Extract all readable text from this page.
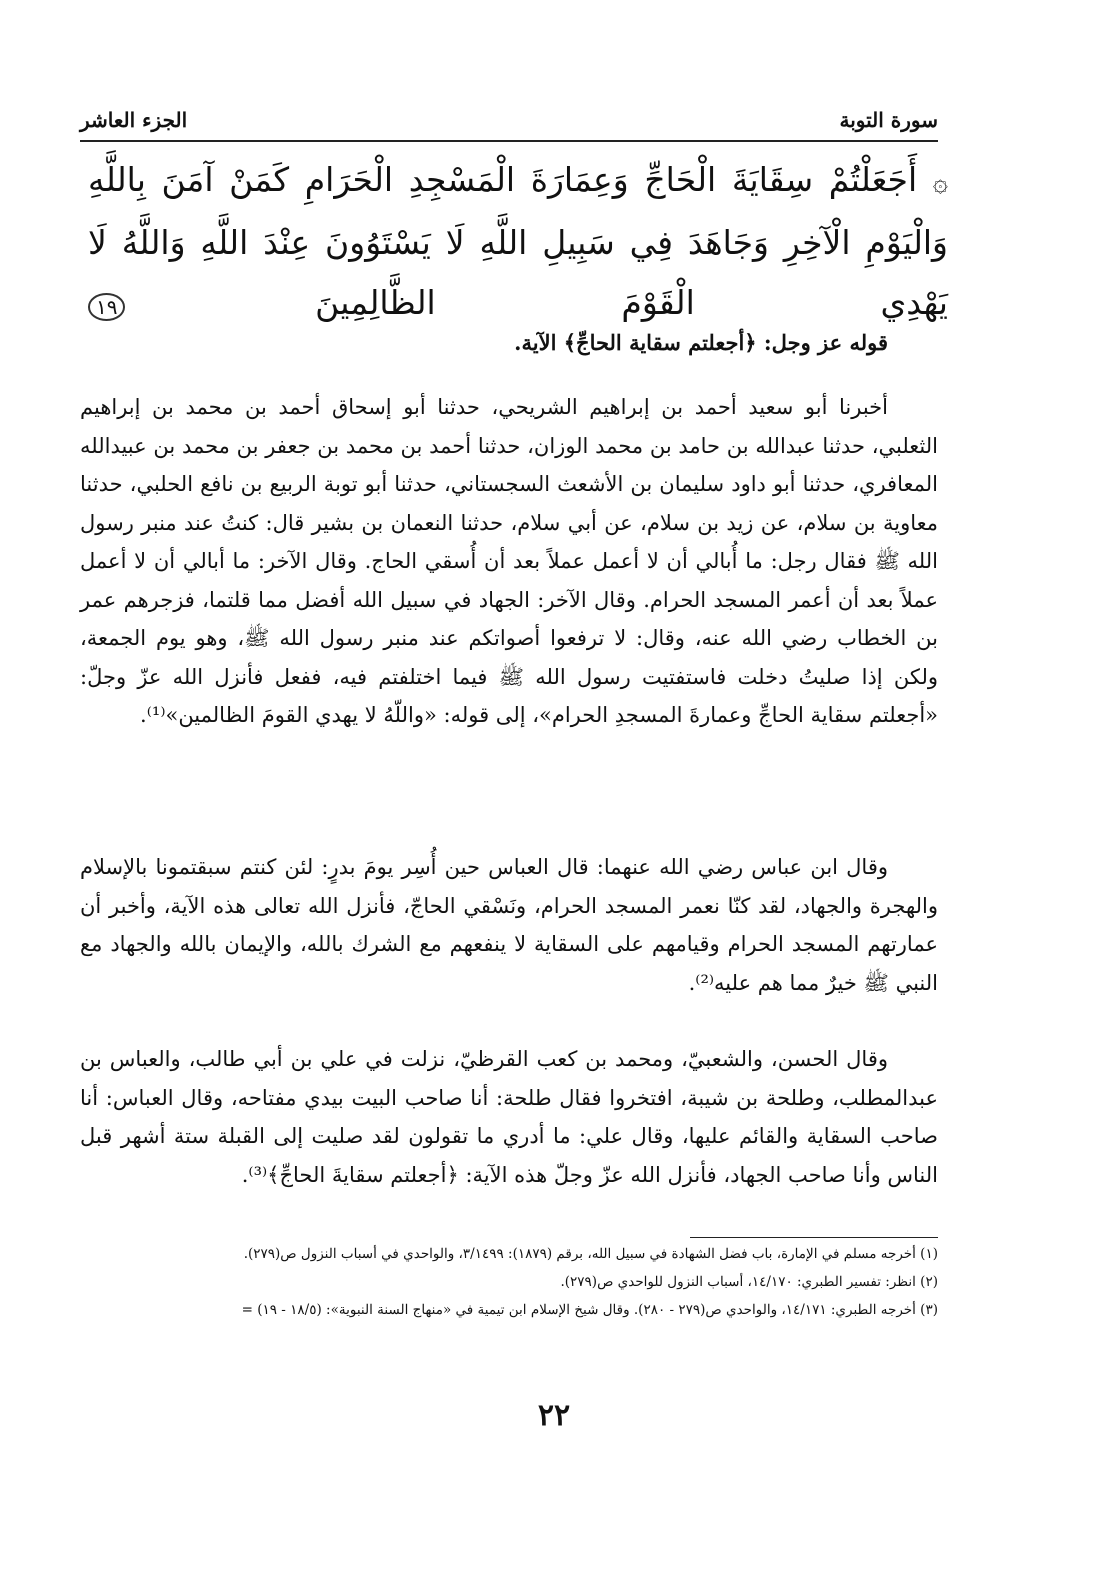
سورة التوبة
الجزء العاشر
۞ أَجَعَلْتُمْ سِقَايَةَ الْحَاجِّ وَعِمَارَةَ الْمَسْجِدِ الْحَرَامِ كَمَنْ آمَنَ بِاللَّهِ وَالْيَوْمِ الْآخِرِ وَجَاهَدَ فِي سَبِيلِ اللَّهِ لَا يَسْتَوُونَ عِنْدَ اللَّهِ وَاللَّهُ لَا يَهْدِي الْقَوْمَ الظَّالِمِينَ ١٩
قوله عز وجل: ﴿أجعلتم سقاية الحاجِّ﴾ الآية.
أخبرنا أبو سعيد أحمد بن إبراهيم الشريحي، حدثنا أبو إسحاق أحمد بن محمد بن إبراهيم الثعلبي، حدثنا عبدالله بن حامد بن محمد الوزان، حدثنا أحمد بن محمد بن جعفر بن محمد بن عبيدالله المعافري، حدثنا أبو داود سليمان بن الأشعث السجستاني، حدثنا أبو توبة الربيع بن نافع الحلبي، حدثنا معاوية بن سلام، عن زيد بن سلام، عن أبي سلام، حدثنا النعمان بن بشير قال: كنتُ عند منبر رسول الله ﷺ فقال رجل: ما أُبالي أن لا أعمل عملاً بعد أن أُسقي الحاج. وقال الآخر: ما أبالي أن لا أعمل عملاً بعد أن أعمر المسجد الحرام. وقال الآخر: الجهاد في سبيل الله أفضل مما قلتما، فزجرهم عمر بن الخطاب رضي الله عنه، وقال: لا ترفعوا أصواتكم عند منبر رسول الله ﷺ، وهو يوم الجمعة، ولكن إذا صليتُ دخلت فاستفتيت رسول الله ﷺ فيما اختلفتم فيه، ففعل فأنزل الله عزّ وجلّ: «أجعلتم سقاية الحاجِّ وعمارةَ المسجدِ الحرام»، إلى قوله: «واللّهُ لا يهدي القومَ الظالمين»⁽¹⁾.
وقال ابن عباس رضي الله عنهما: قال العباس حين أُسِر يومَ بدرٍ: لئن كنتم سبقتمونا بالإسلام والهجرة والجهاد، لقد كنّا نعمر المسجد الحرام، ونَسْقي الحاجّ، فأنزل الله تعالى هذه الآية، وأخبر أن عمارتهم المسجد الحرام وقيامهم على السقاية لا ينفعهم مع الشرك بالله، والإيمان بالله والجهاد مع النبي ﷺ خيرٌ مما هم عليه⁽²⁾.
وقال الحسن، والشعبيّ، ومحمد بن كعب القرظيّ، نزلت في علي بن أبي طالب، والعباس بن عبدالمطلب، وطلحة بن شيبة، افتخروا فقال طلحة: أنا صاحب البيت بيدي مفتاحه، وقال العباس: أنا صاحب السقاية والقائم عليها، وقال علي: ما أدري ما تقولون لقد صليت إلى القبلة ستة أشهر قبل الناس وأنا صاحب الجهاد، فأنزل الله عزّ وجلّ هذه الآية: ﴿أجعلتم سقايةَ الحاجِّ﴾⁽³⁾.
(١) أخرجه مسلم في الإمارة، باب فضل الشهادة في سبيل الله، برقم (١٨٧٩): ٣/١٤٩٩، والواحدي في أسباب النزول ص(٢٧٩).
(٢) انظر: تفسير الطبري: ١٤/١٧٠، أسباب النزول للواحدي ص(٢٧٩).
(٣) أخرجه الطبري: ١٤/١٧١، والواحدي ص(٢٧٩ - ٢٨٠). وقال شيخ الإسلام ابن تيمية في «منهاج السنة النبوية»: (١٨/٥ - ١٩) =
٢٢
